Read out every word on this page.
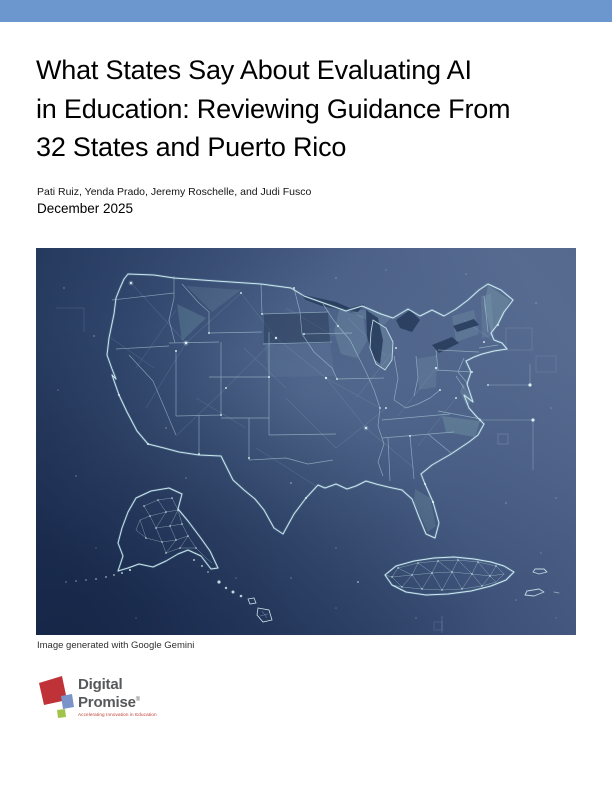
What States Say About Evaluating AI
in Education: Reviewing Guidance From
32 States and Puerto Rico
Pati Ruiz, Yenda Prado, Jeremy Roschelle, and Judi Fusco
December 2025
Image generated with Google Gemini
Digital
Promise®
Accelerating Innovation in Education
